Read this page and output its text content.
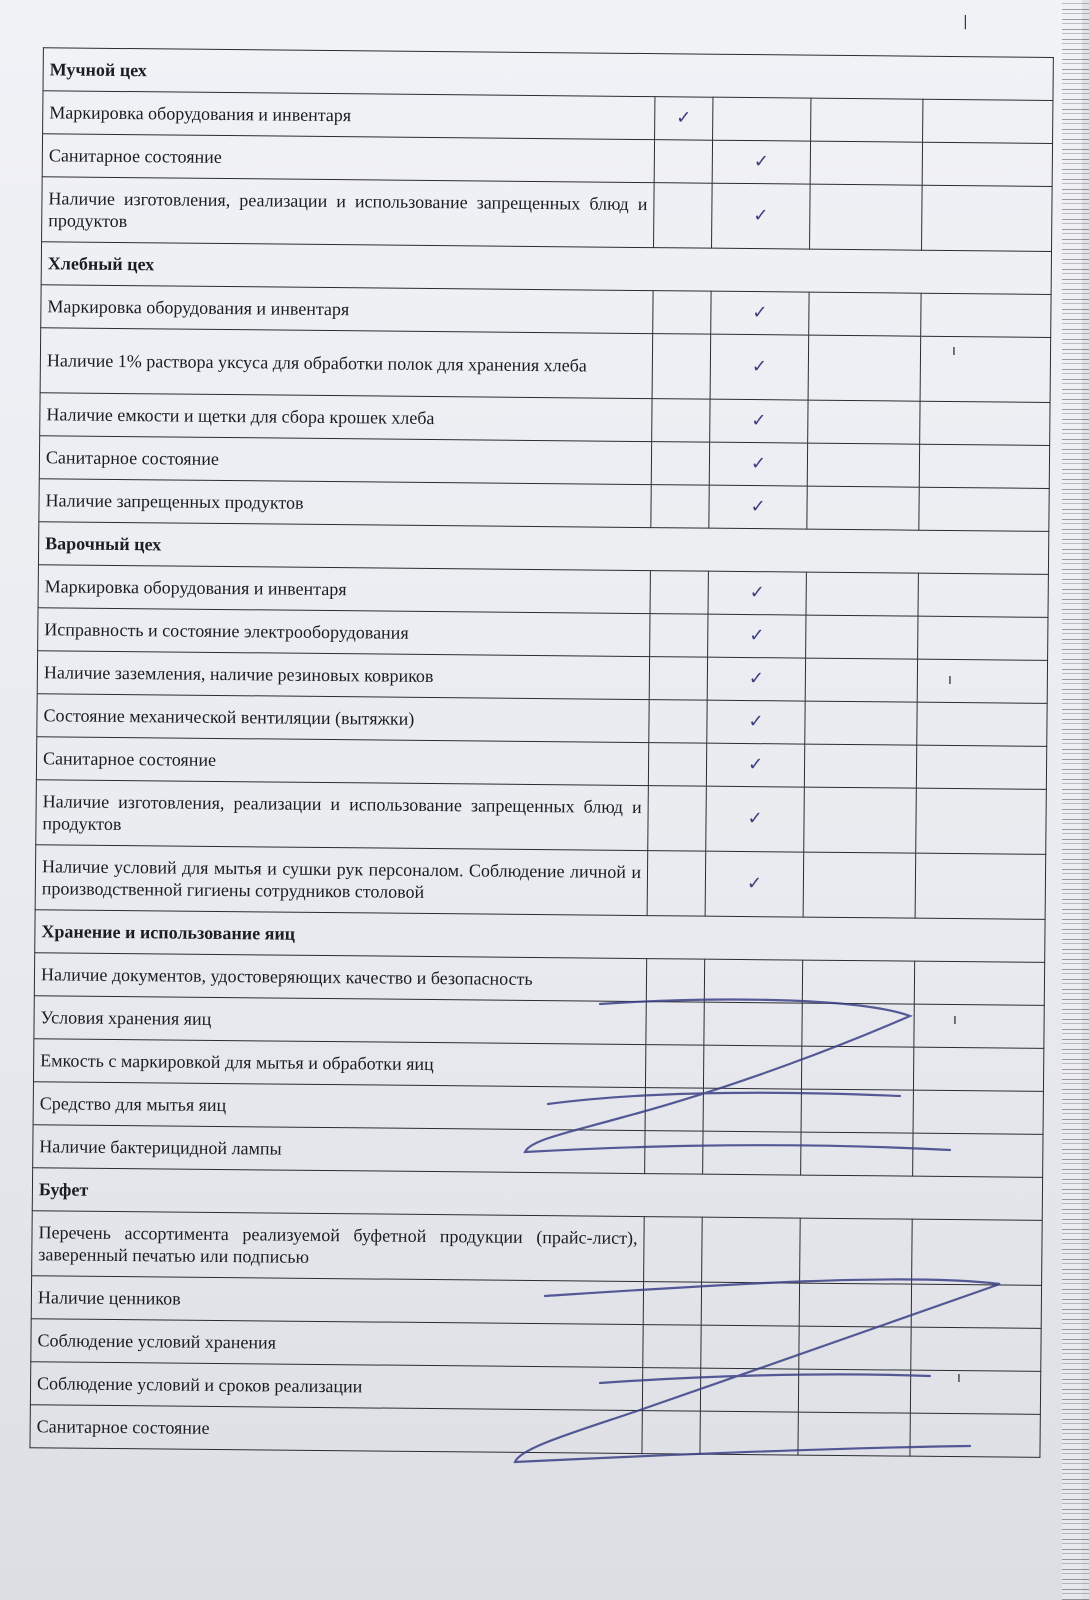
Мучной цех				
Маркировка оборудования и инвентаря	✓			
Санитарное состояние		✓		
Наличие изготовления, реализации и использование запрещенных блюд и продуктов		✓		
Хлебный цех				
Маркировка оборудования и инвентаря		✓		
Наличие 1% раствора уксуса для обработки полок для хранения хлеба		✓		
Наличие емкости и щетки для сбора крошек хлеба		✓		
Санитарное состояние		✓		
Наличие запрещенных продуктов		✓		
Варочный цех				
Маркировка оборудования и инвентаря		✓		
Исправность и состояние электрооборудования		✓		
Наличие заземления, наличие резиновых ковриков		✓		
Состояние механической вентиляции (вытяжки)		✓		
Санитарное состояние		✓		
Наличие изготовления, реализации и использование запрещенных блюд и продуктов		✓		
Наличие условий для мытья и сушки рук персоналом. Соблюдение личной и производственной гигиены сотрудников столовой		✓		
Хранение и использование яиц				
Наличие документов, удостоверяющих качество и безопасность				
Условия хранения яиц				
Емкость с маркировкой для мытья и обработки яиц				
Средство для мытья яиц				
Наличие бактерицидной лампы				
Буфет				
Перечень ассортимента реализуемой буфетной продукции (прайс-лист), заверенный печатью или подписью				
Наличие ценников				
Соблюдение условий хранения				
Соблюдение условий и сроков реализации				
Санитарное состояние				
|
ı
ı
ı
ı
